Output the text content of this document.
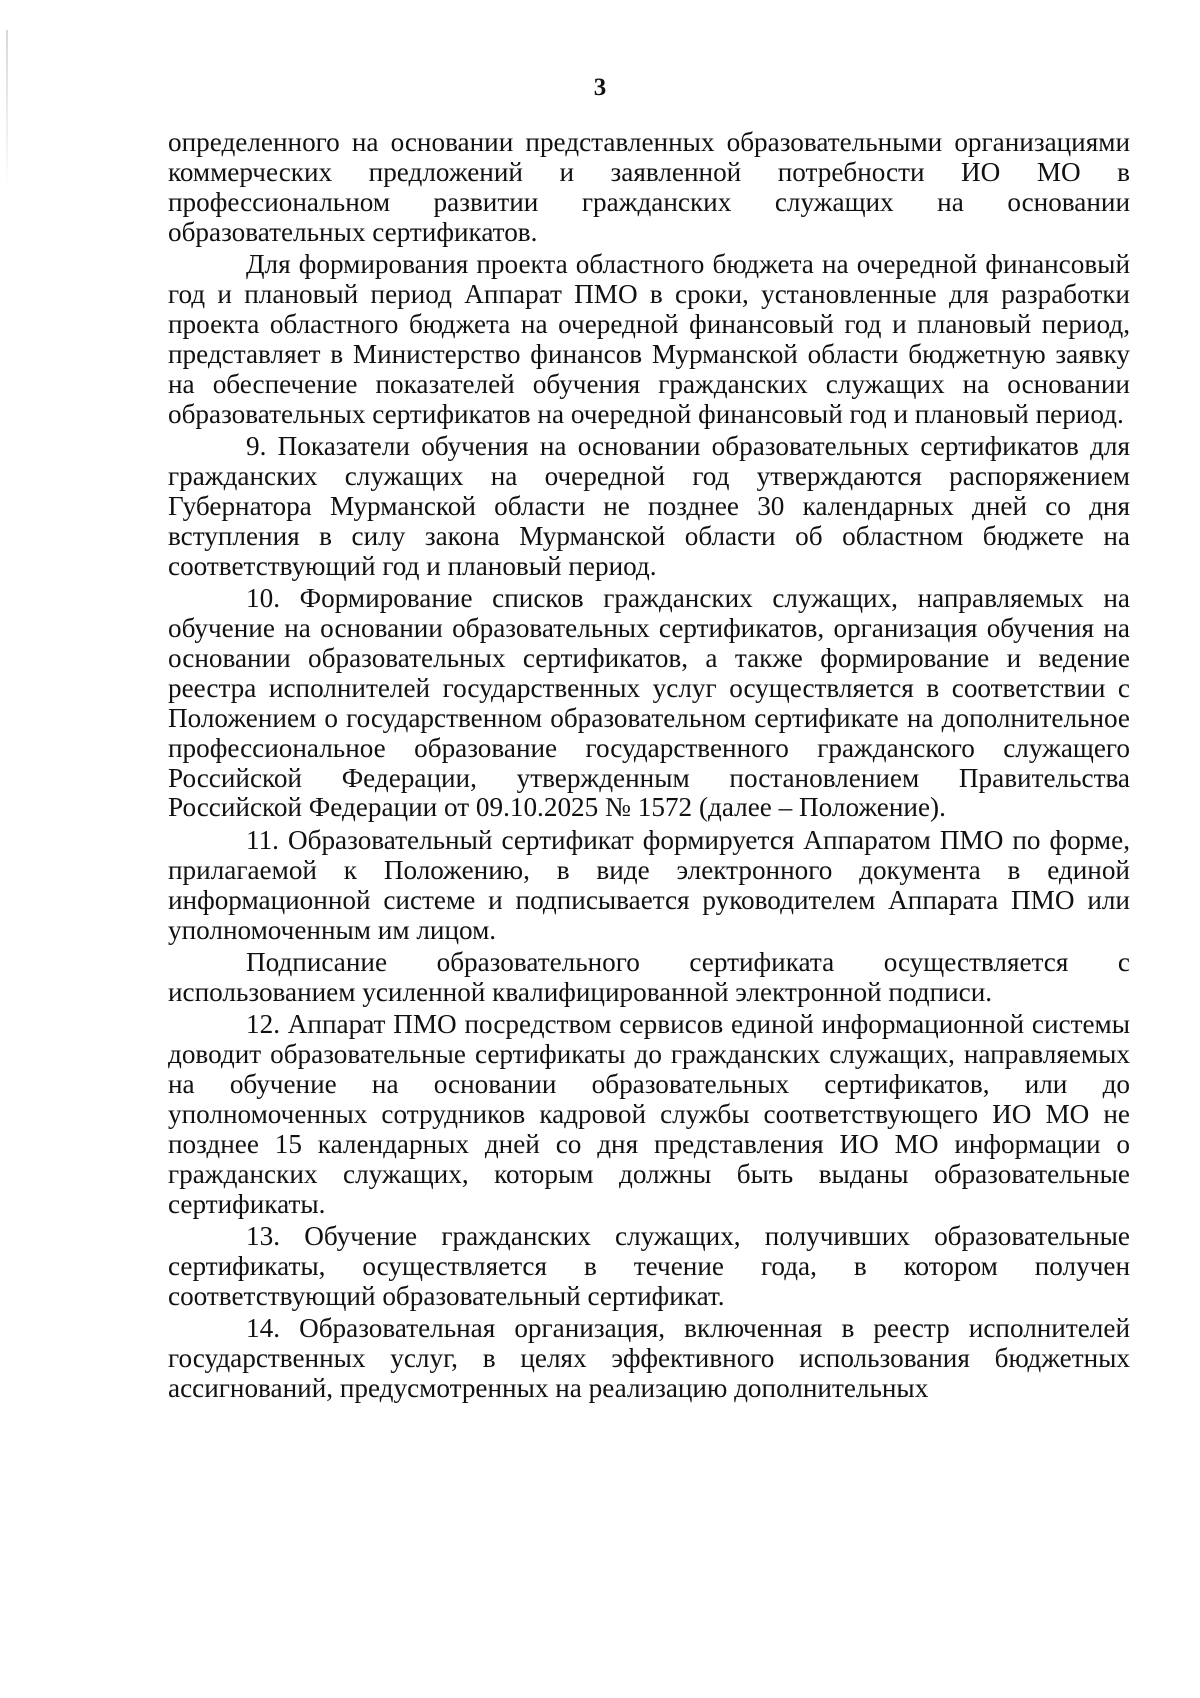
3

определенного на основании представленных образовательными организациями коммерческих предложений и заявленной потребности ИО МО в профессиональном развитии гражданских служащих на основании образовательных сертификатов.

Для формирования проекта областного бюджета на очередной финансовый год и плановый период Аппарат ПМО в сроки, установленные для разработки проекта областного бюджета на очередной финансовый год и плановый период, представляет в Министерство финансов Мурманской области бюджетную заявку на обеспечение показателей обучения гражданских служащих на основании образовательных сертификатов на очередной финансовый год и плановый период.

9. Показатели обучения на основании образовательных сертификатов для гражданских служащих на очередной год утверждаются распоряжением Губернатора Мурманской области не позднее 30 календарных дней со дня вступления в силу закона Мурманской области об областном бюджете на соответствующий год и плановый период.

10. Формирование списков гражданских служащих, направляемых на обучение на основании образовательных сертификатов, организация обучения на основании образовательных сертификатов, а также формирование и ведение реестра исполнителей государственных услуг осуществляется в соответствии с Положением о государственном образовательном сертификате на дополнительное профессиональное образование государственного гражданского служащего Российской Федерации, утвержденным постановлением Правительства Российской Федерации от 09.10.2025 № 1572 (далее – Положение).

11. Образовательный сертификат формируется Аппаратом ПМО по форме, прилагаемой к Положению, в виде электронного документа в единой информационной системе и подписывается руководителем Аппарата ПМО или уполномоченным им лицом.

Подписание образовательного сертификата осуществляется с использованием усиленной квалифицированной электронной подписи.

12. Аппарат ПМО посредством сервисов единой информационной системы доводит образовательные сертификаты до гражданских служащих, направляемых на обучение на основании образовательных сертификатов, или до уполномоченных сотрудников кадровой службы соответствующего ИО МО не позднее 15 календарных дней со дня представления ИО МО информации о гражданских служащих, которым должны быть выданы образовательные сертификаты.

13. Обучение гражданских служащих, получивших образовательные сертификаты, осуществляется в течение года, в котором получен соответствующий образовательный сертификат.

14. Образовательная организация, включенная в реестр исполнителей государственных услуг, в целях эффективного использования бюджетных ассигнований, предусмотренных на реализацию дополнительных
